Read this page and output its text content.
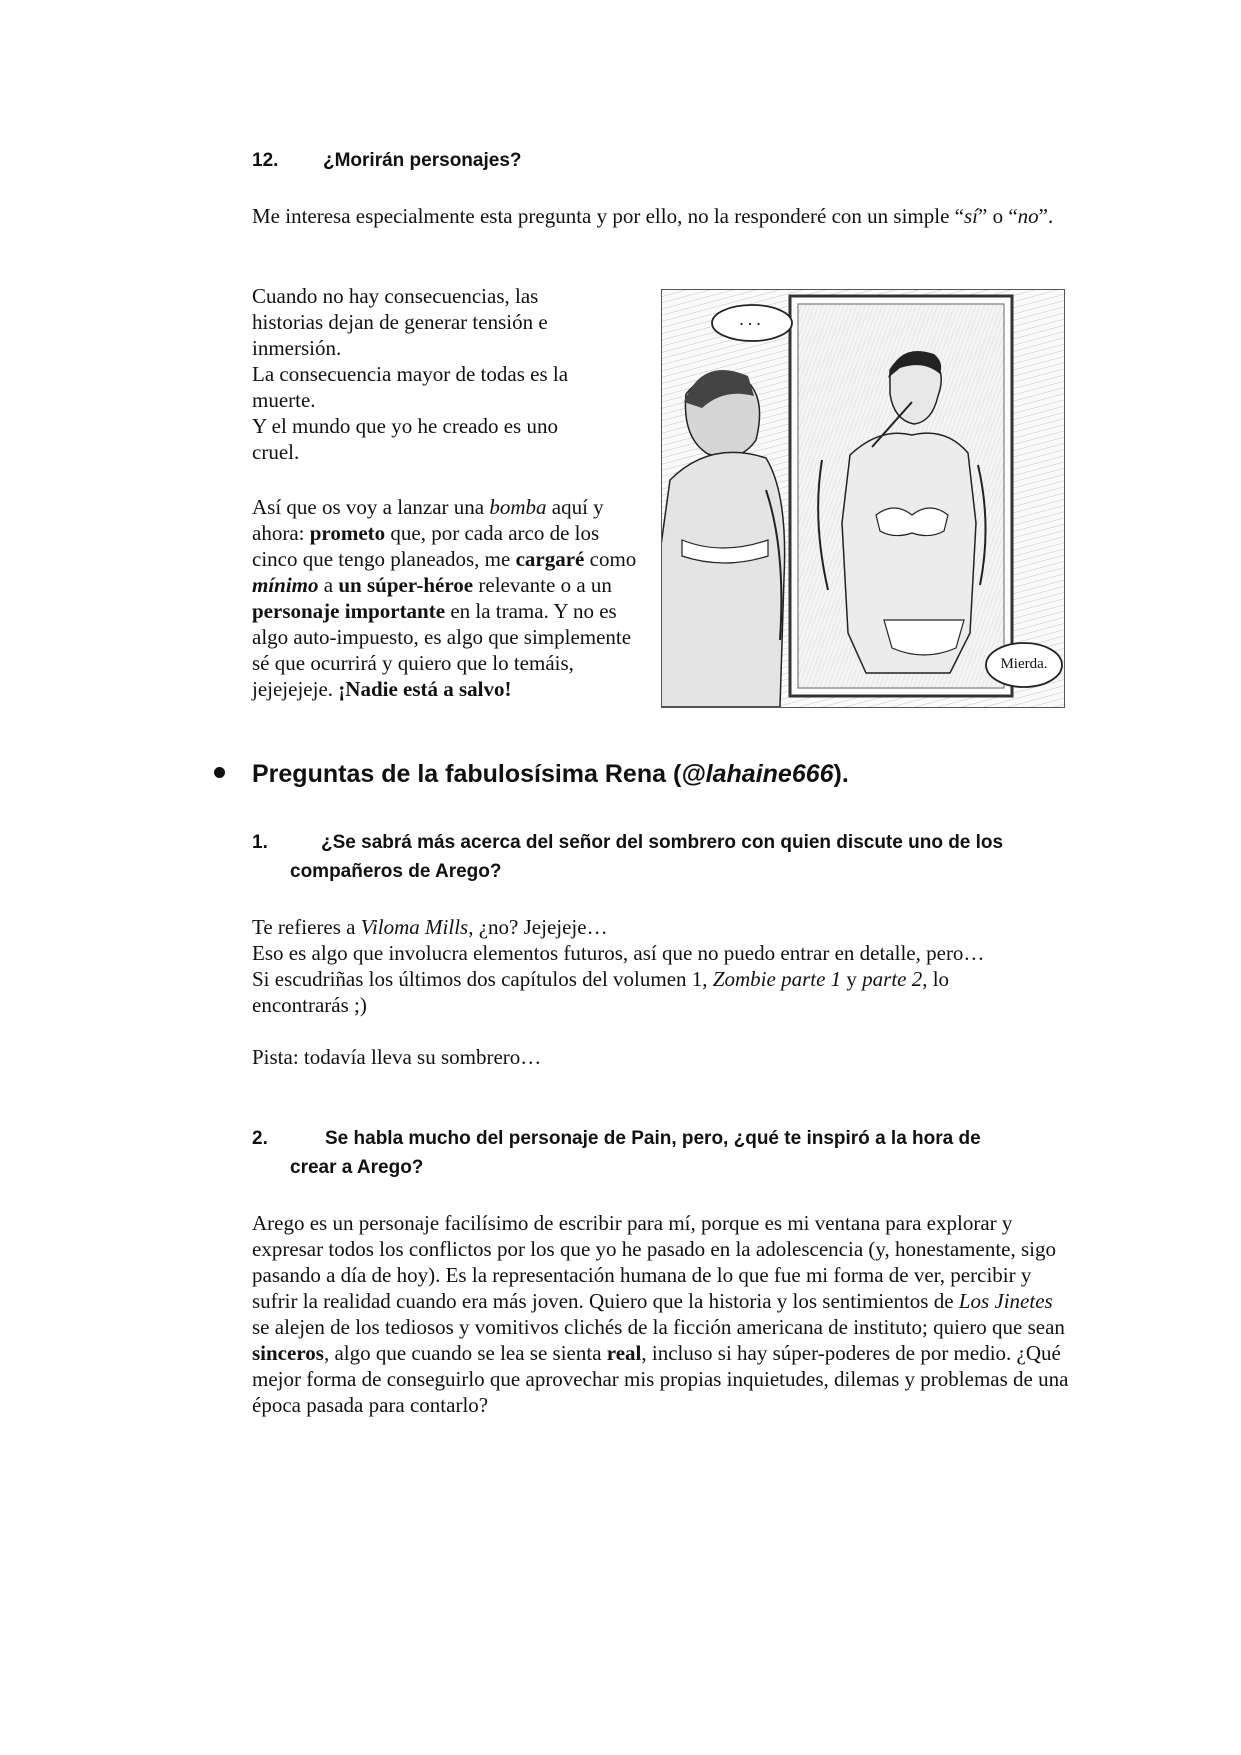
12.	¿Morirán personajes?

Me interesa especialmente esta pregunta y por ello, no la responderé con un simple “sí” o “no”.

Cuando no hay consecuencias, las

historias dejan de generar tensión e

inmersión.

La consecuencia mayor de todas es la

muerte.

Y el mundo que yo he creado es uno

cruel.

Así que os voy a lanzar una bomba aquí y ahora: prometo que, por cada arco de los cinco que tengo planeados, me cargaré como mínimo a un súper-héroe relevante o a un personaje importante en la trama. Y no es algo auto-impuesto, es algo que simplemente sé que ocurrirá y quiero que lo temáis, jejejejeje. ¡Nadie está a salvo!

...
Mierda.
Preguntas de la fabulosísima Rena (@lahaine666).
1.	¿Se sabrá más acerca del señor del sombrero con quien discute uno de los
compañeros de Arego?

Te refieres a Viloma Mills, ¿no? Jejejeje…

Eso es algo que involucra elementos futuros, así que no puedo entrar en detalle, pero…

Si escudriñas los últimos dos capítulos del volumen 1, Zombie parte 1 y parte 2, lo

encontrarás ;)

Pista: todavía lleva su sombrero…

2.	Se habla mucho del personaje de Pain, pero, ¿qué te inspiró a la hora de
crear a Arego?

Arego es un personaje facilísimo de escribir para mí, porque es mi ventana para explorar y expresar todos los conflictos por los que yo he pasado en la adolescencia (y, honestamente, sigo pasando a día de hoy). Es la representación humana de lo que fue mi forma de ver, percibir y sufrir la realidad cuando era más joven. Quiero que la historia y los sentimientos de Los Jinetes se alejen de los tediosos y vomitivos clichés de la ficción americana de instituto; quiero que sean sinceros, algo que cuando se lea se sienta real, incluso si hay súper-poderes de por medio. ¿Qué mejor forma de conseguirlo que aprovechar mis propias inquietudes, dilemas y problemas de una época pasada para contarlo?
